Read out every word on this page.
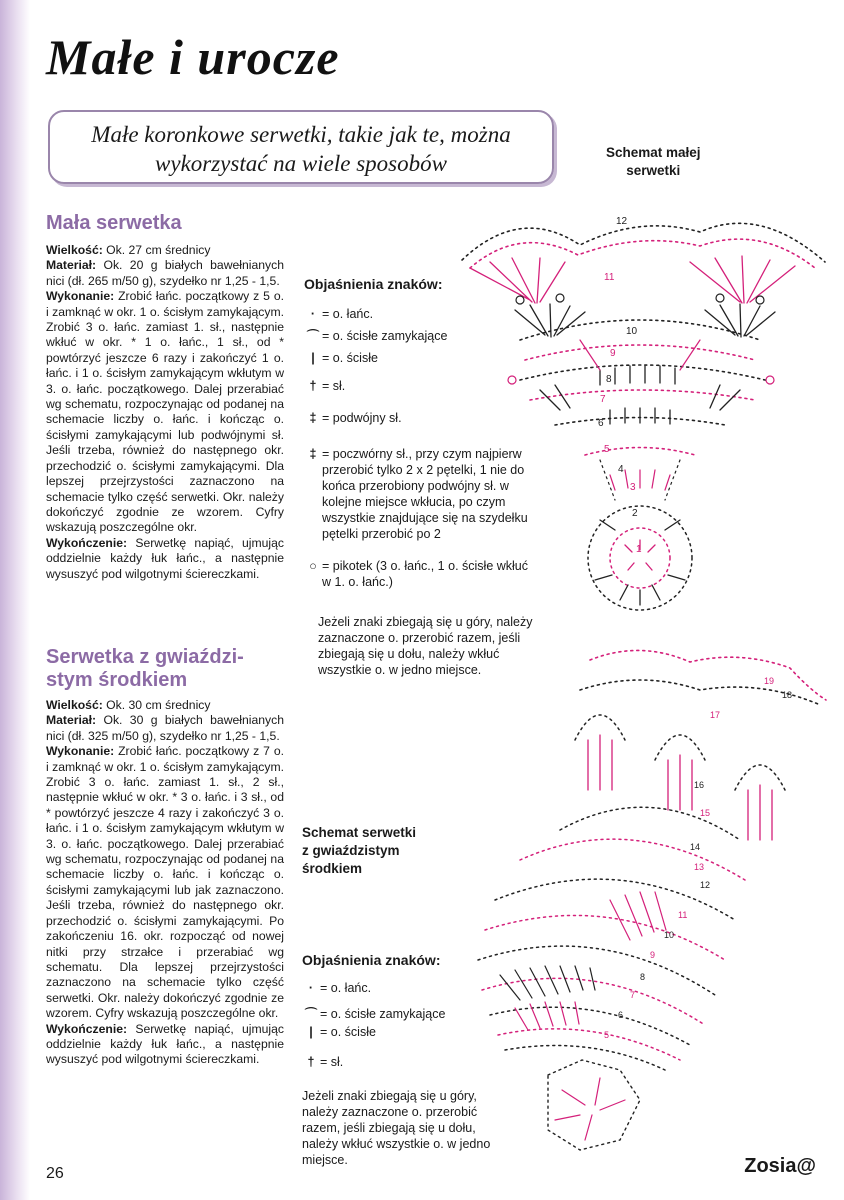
Małe i urocze
Małe koronkowe serwetki, takie jak te, można
wykorzystać na wiele sposobów
Mała serwetka

Wielkość: Ok. 27 cm średnicy

Materiał: Ok. 20 g białych bawełnianych nici (dł. 265 m/50 g), szydełko nr 1,25 - 1,5.

Wykonanie: Zrobić łańc. początkowy z 5 o. i zamknąć w okr. 1 o. ścisłym zamykającym. Zrobić 3 o. łańc. zamiast 1. sł., następnie wkłuć w okr. * 1 o. łańc., 1 sł., od * powtórzyć jeszcze 6 razy i zakończyć 1 o. łańc. i 1 o. ścisłym zamykającym wkłutym w 3. o. łańc. początkowego. Dalej przerabiać wg schematu, rozpoczynając od podanej na schemacie liczby o. łańc. i kończąc o. ścisłymi zamykającymi lub podwójnymi sł. Jeśli trzeba, również do następnego okr. przechodzić o. ścisłymi zamykającymi. Dla lepszej przejrzystości zaznaczono na schemacie tylko część serwetki. Okr. należy dokończyć zgodnie ze wzorem. Cyfry wskazują poszczególne okr.

Wykończenie: Serwetkę napiąć, ujmując oddzielnie każdy łuk łańc., a następnie wysuszyć pod wilgotnymi ściereczkami.

Serwetka z gwiaździ-
stym środkiem

Wielkość: Ok. 30 cm średnicy

Materiał: Ok. 30 g białych bawełnianych nici (dł. 325 m/50 g), szydełko nr 1,25 - 1,5.

Wykonanie: Zrobić łańc. początkowy z 7 o. i zamknąć w okr. 1 o. ścisłym zamykającym. Zrobić 3 o. łańc. zamiast 1. sł., 2 sł., następnie wkłuć w okr. * 3 o. łańc. i 3 sł., od * powtórzyć jeszcze 4 razy i zakończyć 3 o. łańc. i 1 o. ścisłym zamykającym wkłutym w 3. o. łańc. początkowego. Dalej przerabiać wg schematu, rozpoczynając od podanej na schemacie liczby o. łańc. i kończąc o. ścisłymi zamykającymi lub jak zaznaczono. Jeśli trzeba, również do następnego okr. przechodzić o. ścisłymi zamykającymi. Po zakończeniu 16. okr. rozpocząć od nowej nitki przy strzałce i przerabiać wg schematu. Dla lepszej przejrzystości zaznaczono na schemacie tylko część serwetki. Okr. należy dokończyć zgodnie ze wzorem. Cyfry wskazują poszczególne okr.

Wykończenie: Serwetkę napiąć, ujmując oddzielnie każdy łuk łańc., a następnie wysuszyć pod wilgotnymi ściereczkami.

Schemat małej
serwetki
Objaśnienia znaków:
· = o. łańc.
⌒ = o. ścisłe zamykające
| = o. ścisłe
† = sł.
‡ = podwójny sł.
‡ = poczwórny sł., przy czym najpierw przerobić tylko 2 x 2 pętelki, 1 nie do końca przerobiony podwójny sł. w kolejne miejsce wkłucia, po czym wszystkie znajdujące się na szydełku pętelki przerobić po 2
○ = pikotek (3 o. łańc., 1 o. ścisłe wkłuć w 1. o. łańc.)
Jeżeli znaki zbiegają się u góry, należy zaznaczone o. przerobić razem, jeśli zbiegają się u dołu, należy wkłuć wszystkie o. w jedno miejsce.
Schemat serwetki
z gwiaździstym
środkiem
Objaśnienia znaków:
· = o. łańc.
⌒ = o. ścisłe zamykające
| = o. ścisłe
† = sł.
Jeżeli znaki zbiegają się u góry, należy zaznaczone o. przerobić razem, jeśli zbiegają się u dołu, należy wkłuć wszystkie o. w jedno miejsce.
12
11
10
9
8
7
6
5
4
3
2
1
19
18
17
16
15
14
13
12
11
10
9
8
7
6
5
26	Zosia@
